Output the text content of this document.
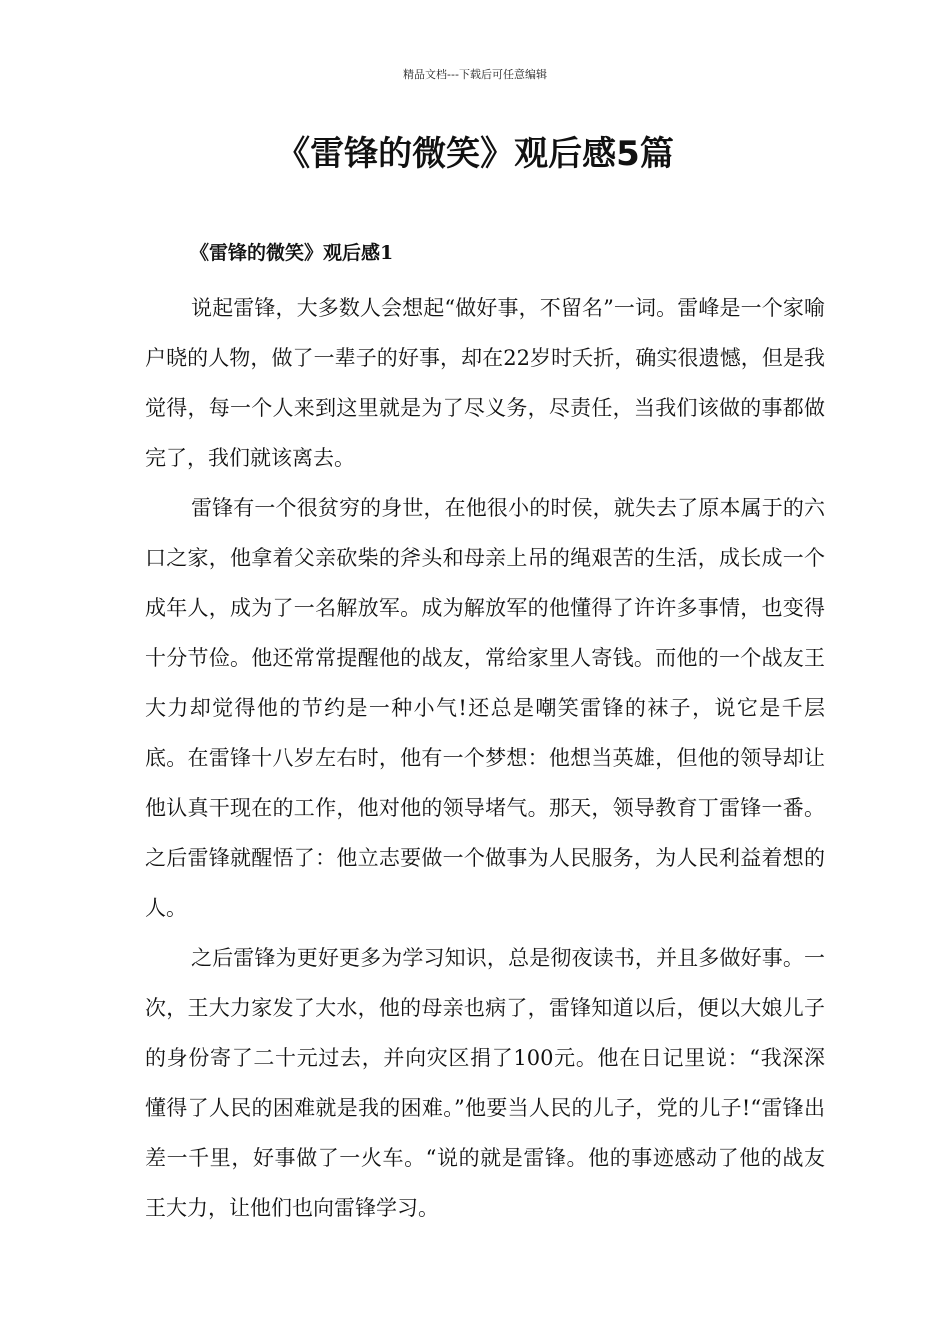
精品文档---下载后可任意编辑
《雷锋的微笑》观后感5篇
《雷锋的微笑》观后感1

说起雷锋，大多数人会想起“做好事，不留名”一词。雷峰是一个家喻户晓的人物，做了一辈子的好事，却在22岁时夭折，确实很遗憾，但是我觉得，每一个人来到这里就是为了尽义务，尽责任，当我们该做的事都做完了，我们就该离去。

雷锋有一个很贫穷的身世，在他很小的时侯，就失去了原本属于的六口之家，他拿着父亲砍柴的斧头和母亲上吊的绳艰苦的生活，成长成一个成年人，成为了一名解放军。成为解放军的他懂得了许许多事情，也变得十分节俭。他还常常提醒他的战友，常给家里人寄钱。而他的一个战友王大力却觉得他的节约是一种小气!还总是嘲笑雷锋的袜子，说它是千层底。在雷锋十八岁左右时，他有一个梦想：他想当英雄，但他的领导却让他认真干现在的工作，他对他的领导堵气。那天，领导教育丁雷锋一番。之后雷锋就醒悟了：他立志要做一个做事为人民服务，为人民利益着想的人。

之后雷锋为更好更多为学习知识，总是彻夜读书，并且多做好事。一次，王大力家发了大水，他的母亲也病了，雷锋知道以后，便以大娘儿子的身份寄了二十元过去，并向灾区捐了100元。他在日记里说：“我深深懂得了人民的困难就是我的困难。”他要当人民的儿子，党的儿子!“雷锋出差一千里，好事做了一火车。“说的就是雷锋。他的事迹感动了他的战友王大力，让他们也向雷锋学习。
